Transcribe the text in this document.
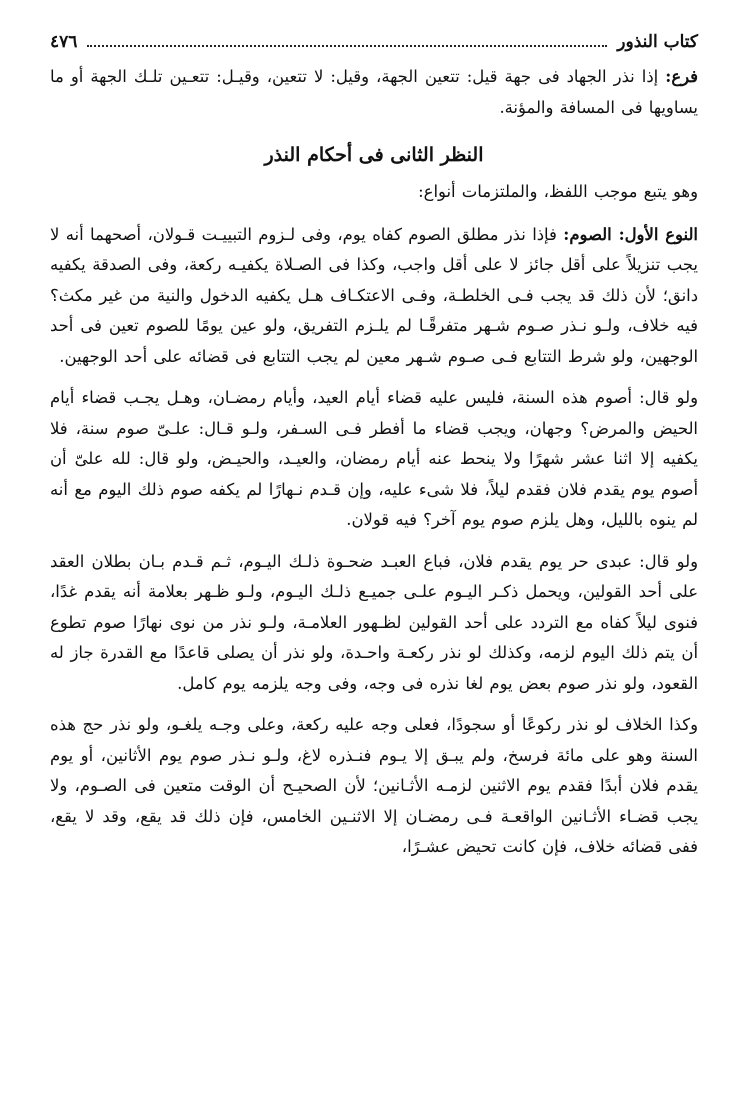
كتاب النذور
٤٧٦

فرع: إذا نذر الجهاد فى جهة قيل: تتعين الجهة، وقيل: لا تتعين، وقيـل: تتعـين تلـك الجهة أو ما يساويها فى المسافة والمؤنة.

النظر الثانى فى أحكام النذر

وهو يتبع موجب اللفظ، والملتزمات أنواع:

النوع الأول: الصوم: فإذا نذر مطلق الصوم كفاه يوم، وفى لـزوم التبييـت قـولان، أصحهما أنه لا يجب تنزيلاً على أقل جائز لا على أقل واجب، وكذا فى الصـلاة يكفيـه ركعة، وفى الصدقة يكفيه دانق؛ لأن ذلك قد يجب فـى الخلطـة، وفـى الاعتكـاف هـل يكفيه الدخول والنية من غير مكث؟ فيه خلاف، ولـو نـذر صـوم شـهر متفرقًـا لم يلـزم التفريق، ولو عين يومًا للصوم تعين فى أحد الوجهين، ولو شرط التتابع فـى صـوم شـهر معين لم يجب التتابع فى قضائه على أحد الوجهين.

ولو قال: أصوم هذه السنة، فليس عليه قضاء أيام العيد، وأيام رمضـان، وهـل يجـب قضاء أيام الحيض والمرض؟ وجهان، ويجب قضاء ما أفطر فـى السـفر، ولـو قـال: علـىّ صوم سنة، فلا يكفيه إلا اثنا عشر شهرًا ولا ينحط عنه أيام رمضان، والعيـد، والحيـض، ولو قال: لله علىّ أن أصوم يوم يقدم فلان فقدم ليلاً، فلا شىء عليه، وإن قـدم نـهارًا لم يكفه صوم ذلك اليوم مع أنه لم ينوه بالليل، وهل يلزم صوم يوم آخر؟ فيه قولان.

ولو قال: عبدى حر يوم يقدم فلان، فباع العبـد ضحـوة ذلـك اليـوم، ثـم قـدم بـان بطلان العقد على أحد القولين، ويحمل ذكـر اليـوم علـى جميـع ذلـك اليـوم، ولـو ظـهر بعلامة أنه يقدم غدًا، فنوى ليلاً كفاه مع التردد على أحد القولين لظـهور العلامـة، ولـو نذر من نوى نهارًا صوم تطوع أن يتم ذلك اليوم لزمه، وكذلك لو نذر ركعـة واحـدة، ولو نذر أن يصلى قاعدًا مع القدرة جاز له القعود، ولو نذر صوم بعض يوم لغا نذره فى وجه، وفى وجه يلزمه يوم كامل.

وكذا الخلاف لو نذر ركوعًا أو سجودًا، فعلى وجه عليه ركعة، وعلى وجـه يلغـو، ولو نذر حج هذه السنة وهو على مائة فرسخ، ولم يبـق إلا يـوم فنـذره لاغ، ولـو نـذر صوم يوم الأثانين، أو يوم يقدم فلان أبدًا فقدم يوم الاثنين لزمـه الأثـانين؛ لأن الصحيـح أن الوقت متعين فى الصـوم، ولا يجب قضـاء الأثـانين الواقعـة فـى رمضـان إلا الاثنـين الخامس، فإن ذلك قد يقع، وقد لا يقع، ففى قضائه خلاف، فإن كانت تحيض عشـرًا،
